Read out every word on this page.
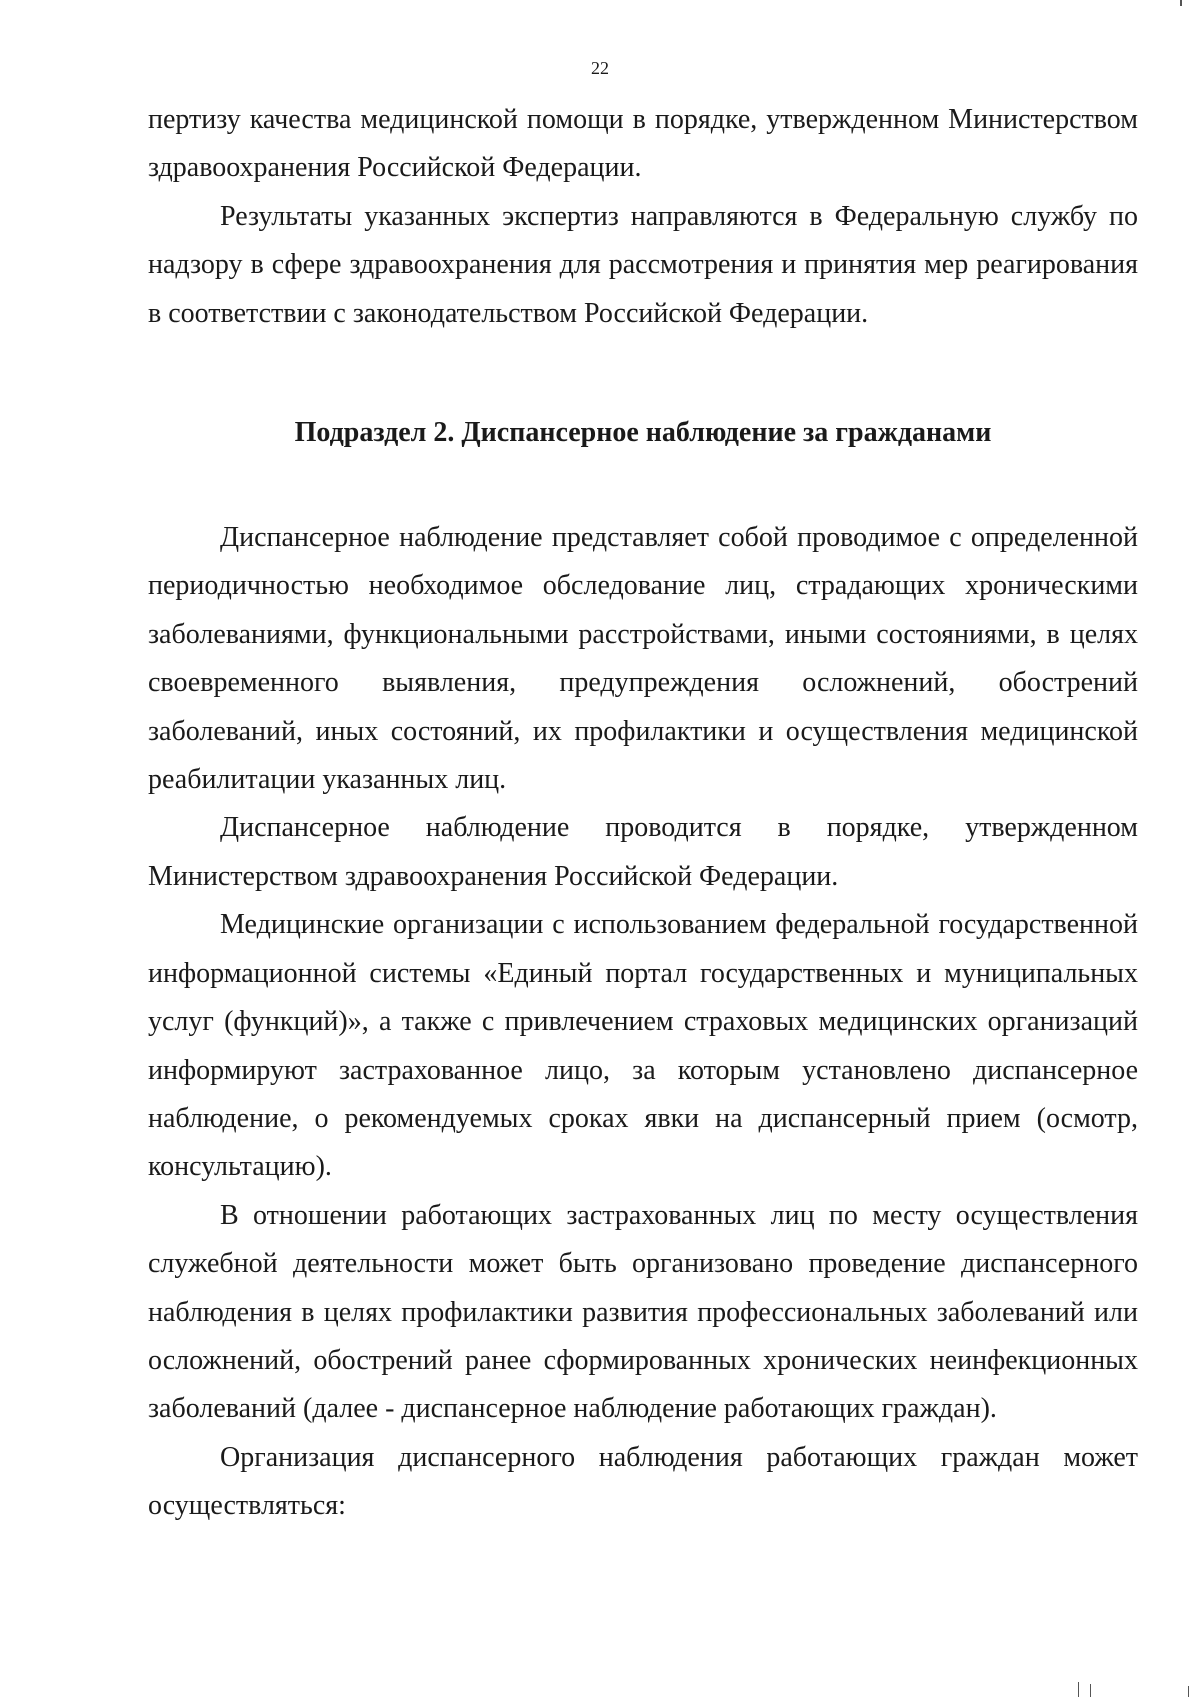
22

пертизу качества медицинской помощи в порядке, утвержденном Министерством здравоохранения Российской Федерации.

Результаты указанных экспертиз направляются в Федеральную службу по надзору в сфере здравоохранения для рассмотрения и принятия мер реагирования в соответствии с законодательством Российской Федерации.

Подраздел 2. Диспансерное наблюдение за гражданами

Диспансерное наблюдение представляет собой проводимое с определенной периодичностью необходимое обследование лиц, страдающих хроническими заболеваниями, функциональными расстройствами, иными состояниями, в целях своевременного выявления, предупреждения осложнений, обострений заболеваний, иных состояний, их профилактики и осуществления медицинской реабилитации указанных лиц.

Диспансерное наблюдение проводится в порядке, утвержденном Министерством здравоохранения Российской Федерации.

Медицинские организации с использованием федеральной государственной информационной системы «Единый портал государственных и муниципальных услуг (функций)», а также с привлечением страховых медицинских организаций информируют застрахованное лицо, за которым установлено диспансерное наблюдение, о рекомендуемых сроках явки на диспансерный прием (осмотр, консультацию).

В отношении работающих застрахованных лиц по месту осуществления служебной деятельности может быть организовано проведение диспансерного наблюдения в целях профилактики развития профессиональных заболеваний или осложнений, обострений ранее сформированных хронических неинфекционных заболеваний (далее - диспансерное наблюдение работающих граждан).

Организация диспансерного наблюдения работающих граждан может осуществляться:
